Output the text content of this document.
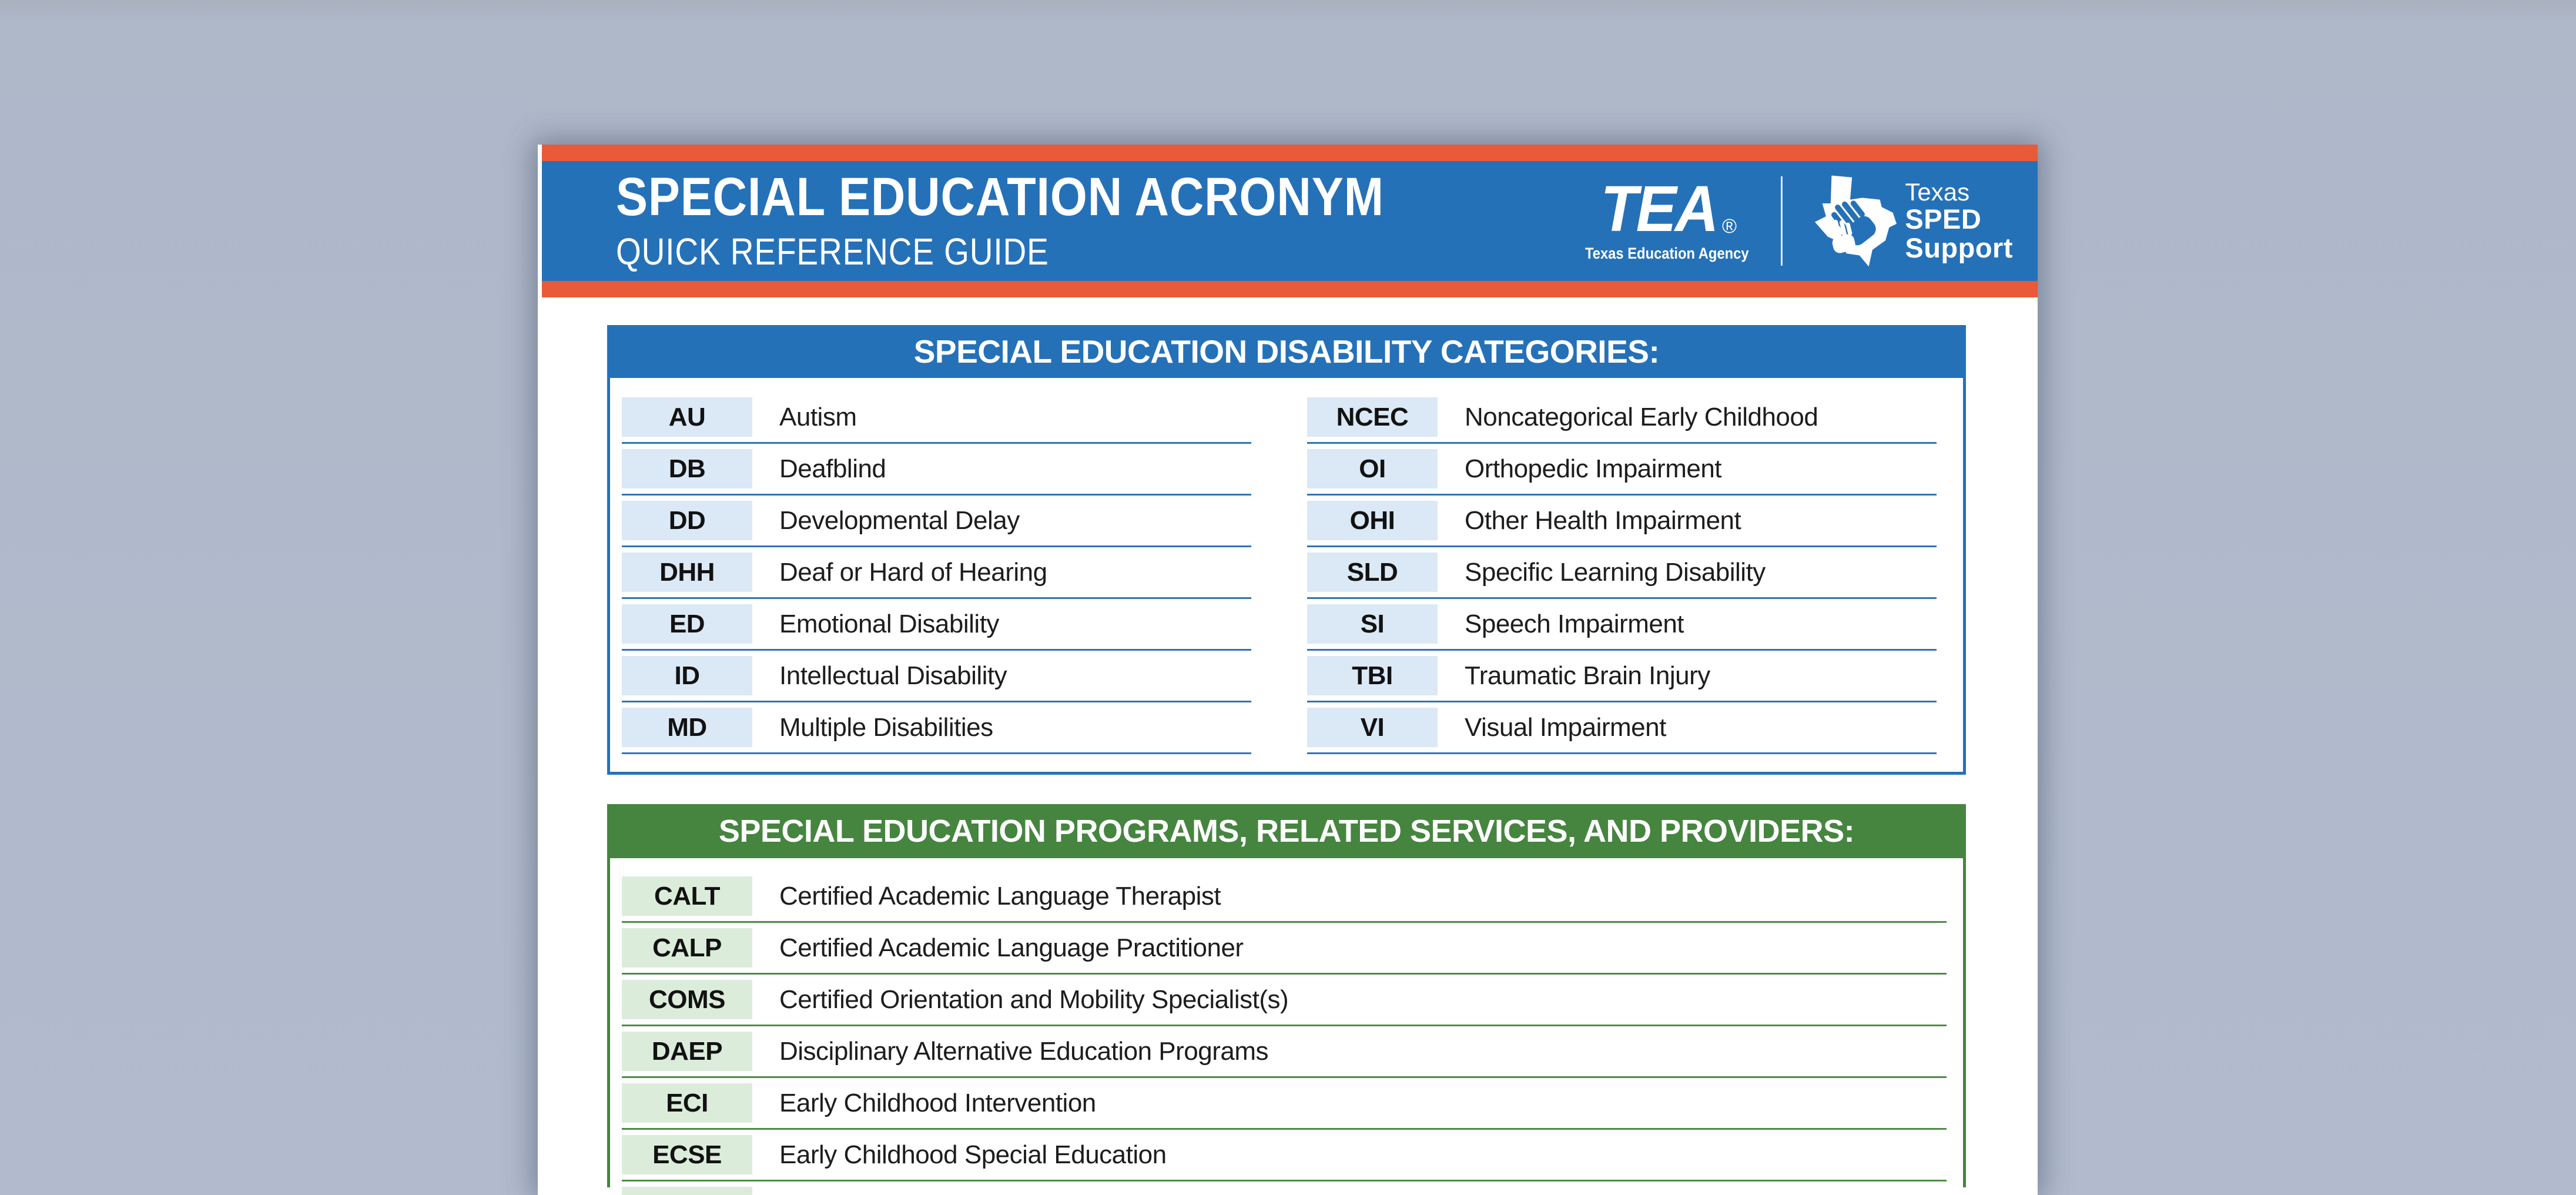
SPECIAL EDUCATION ACRONYM
QUICK REFERENCE GUIDE
TEA ®
Texas Education Agency
Texas
SPED
Support
SPECIAL EDUCATION DISABILITY CATEGORIES:
AU	Autism
DB	Deafblind
DD	Developmental Delay
DHH	Deaf or Hard of Hearing
ED	Emotional Disability
ID	Intellectual Disability
MD	Multiple Disabilities
NCEC	Noncategorical Early Childhood
OI	Orthopedic Impairment
OHI	Other Health Impairment
SLD	Specific Learning Disability
SI	Speech Impairment
TBI	Traumatic Brain Injury
VI	Visual Impairment
SPECIAL EDUCATION PROGRAMS, RELATED SERVICES, AND PROVIDERS:
CALT	Certified Academic Language Therapist
CALP	Certified Academic Language Practitioner
COMS	Certified Orientation and Mobility Specialist(s)
DAEP	Disciplinary Alternative Education Programs
ECI	Early Childhood Intervention
ECSE	Early Childhood Special Education
